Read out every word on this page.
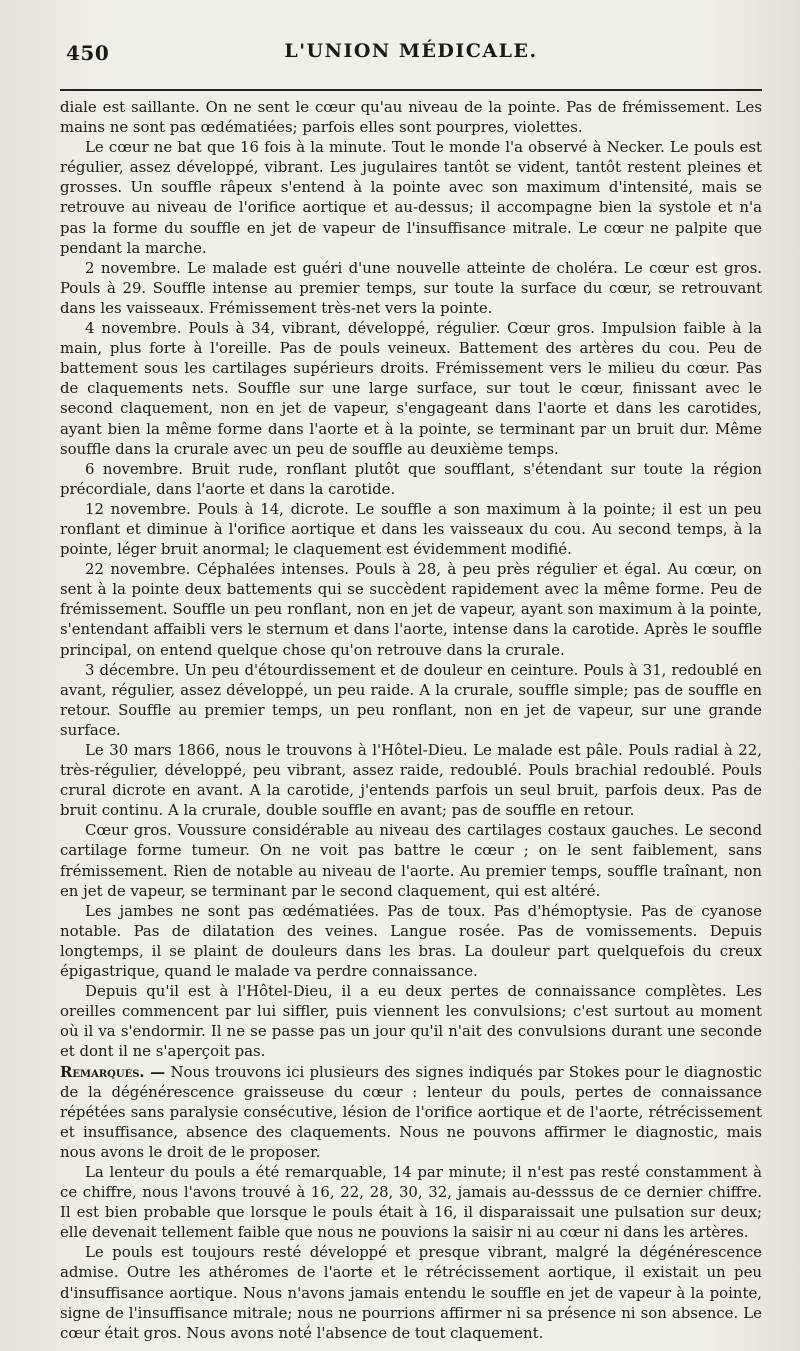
450	L'UNION MÉDICALE.

diale est saillante. On ne sent le cœur qu'au niveau de la pointe. Pas de frémissement. Les mains ne sont pas œdématiées; parfois elles sont pourpres, violettes.

Le cœur ne bat que 16 fois à la minute. Tout le monde l'a observé à Necker. Le pouls est régulier, assez développé, vibrant. Les jugulaires tantôt se vident, tantôt restent pleines et grosses. Un souffle râpeux s'entend à la pointe avec son maximum d'intensité, mais se retrouve au niveau de l'orifice aortique et au-dessus; il accompagne bien la systole et n'a pas la forme du souffle en jet de vapeur de l'insuffisance mitrale. Le cœur ne palpite que pendant la marche.

2 novembre. Le malade est guéri d'une nouvelle atteinte de choléra. Le cœur est gros. Pouls à 29. Souffle intense au premier temps, sur toute la surface du cœur, se retrouvant dans les vaisseaux. Frémissement très-net vers la pointe.

4 novembre. Pouls à 34, vibrant, développé, régulier. Cœur gros. Impulsion faible à la main, plus forte à l'oreille. Pas de pouls veineux. Battement des artères du cou. Peu de battement sous les cartilages supérieurs droits. Frémissement vers le milieu du cœur. Pas de claquements nets. Souffle sur une large surface, sur tout le cœur, finissant avec le second claquement, non en jet de vapeur, s'engageant dans l'aorte et dans les carotides, ayant bien la même forme dans l'aorte et à la pointe, se terminant par un bruit dur. Même souffle dans la crurale avec un peu de souffle au deuxième temps.

6 novembre. Bruit rude, ronflant plutôt que soufflant, s'étendant sur toute la région précordiale, dans l'aorte et dans la carotide.

12 novembre. Pouls à 14, dicrote. Le souffle a son maximum à la pointe; il est un peu ronflant et diminue à l'orifice aortique et dans les vaisseaux du cou. Au second temps, à la pointe, léger bruit anormal; le claquement est évidemment modifié.

22 novembre. Céphalées intenses. Pouls à 28, à peu près régulier et égal. Au cœur, on sent à la pointe deux battements qui se succèdent rapidement avec la même forme. Peu de frémissement. Souffle un peu ronflant, non en jet de vapeur, ayant son maximum à la pointe, s'entendant affaibli vers le sternum et dans l'aorte, intense dans la carotide. Après le souffle principal, on entend quelque chose qu'on retrouve dans la crurale.

3 décembre. Un peu d'étourdissement et de douleur en ceinture. Pouls à 31, redoublé en avant, régulier, assez développé, un peu raide. A la crurale, souffle simple; pas de souffle en retour. Souffle au premier temps, un peu ronflant, non en jet de vapeur, sur une grande surface.

Le 30 mars 1866, nous le trouvons à l'Hôtel-Dieu. Le malade est pâle. Pouls radial à 22, très-régulier, développé, peu vibrant, assez raide, redoublé. Pouls brachial redoublé. Pouls crural dicrote en avant. A la carotide, j'entends parfois un seul bruit, parfois deux. Pas de bruit continu. A la crurale, double souffle en avant; pas de souffle en retour.

Cœur gros. Voussure considérable au niveau des cartilages costaux gauches. Le second cartilage forme tumeur. On ne voit pas battre le cœur ; on le sent faiblement, sans frémissement. Rien de notable au niveau de l'aorte. Au premier temps, souffle traînant, non en jet de vapeur, se terminant par le second claquement, qui est altéré.

Les jambes ne sont pas œdématiées. Pas de toux. Pas d'hémoptysie. Pas de cyanose notable. Pas de dilatation des veines. Langue rosée. Pas de vomissements. Depuis longtemps, il se plaint de douleurs dans les bras. La douleur part quelquefois du creux épigastrique, quand le malade va perdre connaissance.

Depuis qu'il est à l'Hôtel-Dieu, il a eu deux pertes de connaissance complètes. Les oreilles commencent par lui siffler, puis viennent les convulsions; c'est surtout au moment où il va s'endormir. Il ne se passe pas un jour qu'il n'ait des convulsions durant une seconde et dont il ne s'aperçoit pas.

Remarques. — Nous trouvons ici plusieurs des signes indiqués par Stokes pour le diagnostic de la dégénérescence graisseuse du cœur : lenteur du pouls, pertes de connaissance répétées sans paralysie consécutive, lésion de l'orifice aortique et de l'aorte, rétrécissement et insuffisance, absence des claquements. Nous ne pouvons affirmer le diagnostic, mais nous avons le droit de le proposer.

La lenteur du pouls a été remarquable, 14 par minute; il n'est pas resté constamment à ce chiffre, nous l'avons trouvé à 16, 22, 28, 30, 32, jamais au-desssus de ce dernier chiffre. Il est bien probable que lorsque le pouls était à 16, il disparaissait une pulsation sur deux; elle devenait tellement faible que nous ne pouvions la saisir ni au cœur ni dans les artères.

Le pouls est toujours resté développé et presque vibrant, malgré la dégénérescence admise. Outre les athéromes de l'aorte et le rétrécissement aortique, il existait un peu d'insuffisance aortique. Nous n'avons jamais entendu le souffle en jet de vapeur à la pointe, signe de l'insuffisance mitrale; nous ne pourrions affirmer ni sa présence ni son absence. Le cœur était gros. Nous avons noté l'absence de tout claquement.
